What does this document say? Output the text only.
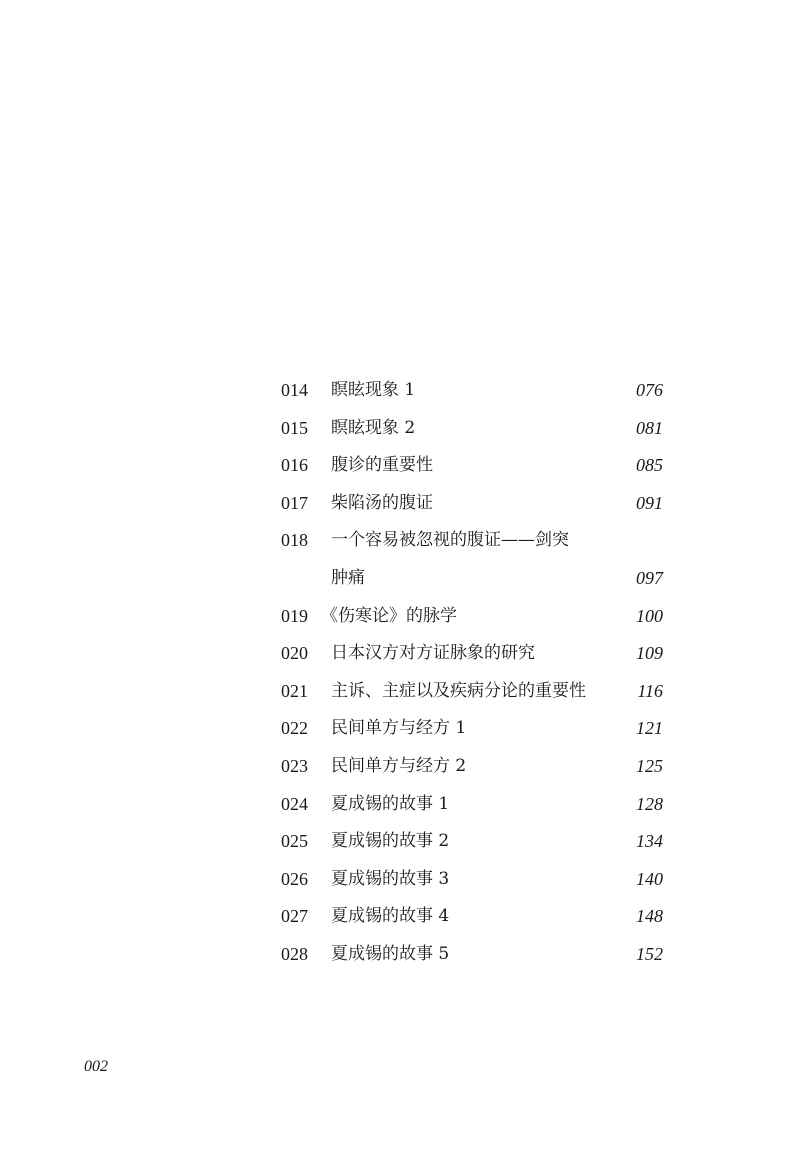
014 瞑眩现象 1	076
015 瞑眩现象 2	081
016 腹诊的重要性	085
017 柴陷汤的腹证	091
018 一个容易被忽视的腹证——剑突
肿痛	097
019 《伤寒论》的脉学	100
020 日本汉方对方证脉象的研究	109
021 主诉、主症以及疾病分论的重要性	116
022 民间单方与经方 1	121
023 民间单方与经方 2	125
024 夏成锡的故事 1	128
025 夏成锡的故事 2	134
026 夏成锡的故事 3	140
027 夏成锡的故事 4	148
028 夏成锡的故事 5	152
002
